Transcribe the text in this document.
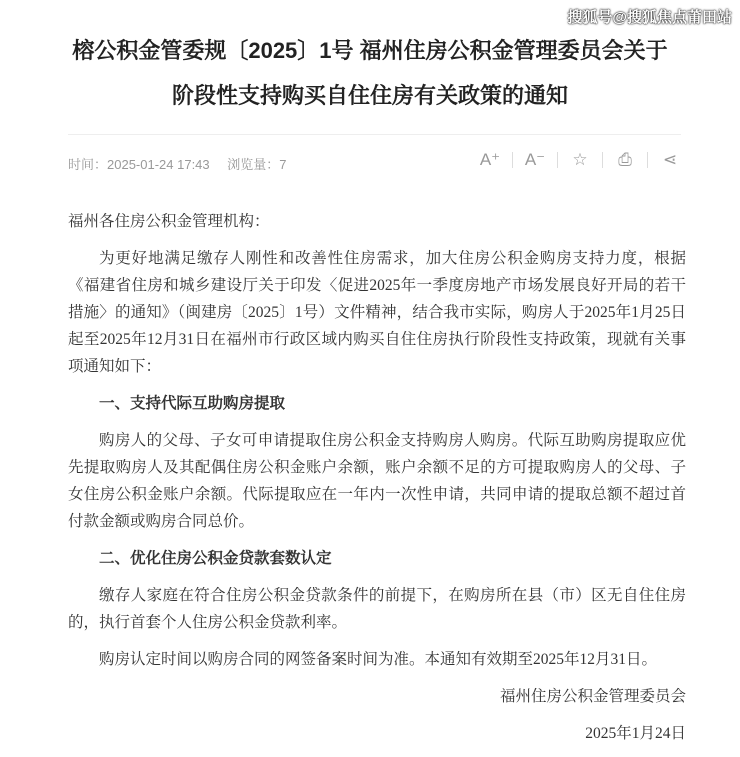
搜狐号@搜狐焦点莆田站
榕公积金管委规〔2025〕1号 福州住房公积金管理委员会关于
阶段性支持购买自住住房有关政策的通知
时间：2025-01-24 17:43 浏览量：7	A⁺ A⁻ ☆	⎙	⋖

福州各住房公积金管理机构：

为更好地满足缴存人刚性和改善性住房需求，加大住房公积金购房支持力度，根据《福建省住房和城乡建设厅关于印发〈促进2025年一季度房地产市场发展良好开局的若干措施〉的通知》（闽建房〔2025〕1号）文件精神，结合我市实际，购房人于2025年1月25日起至2025年12月31日在福州市行政区域内购买自住住房执行阶段性支持政策，现就有关事项通知如下：

一、支持代际互助购房提取

购房人的父母、子女可申请提取住房公积金支持购房人购房。代际互助购房提取应优先提取购房人及其配偶住房公积金账户余额，账户余额不足的方可提取购房人的父母、子女住房公积金账户余额。代际提取应在一年内一次性申请，共同申请的提取总额不超过首付款金额或购房合同总价。

二、优化住房公积金贷款套数认定

缴存人家庭在符合住房公积金贷款条件的前提下，在购房所在县（市）区无自住住房的，执行首套个人住房公积金贷款利率。

购房认定时间以购房合同的网签备案时间为准。本通知有效期至2025年12月31日。

福州住房公积金管理委员会

2025年1月24日
